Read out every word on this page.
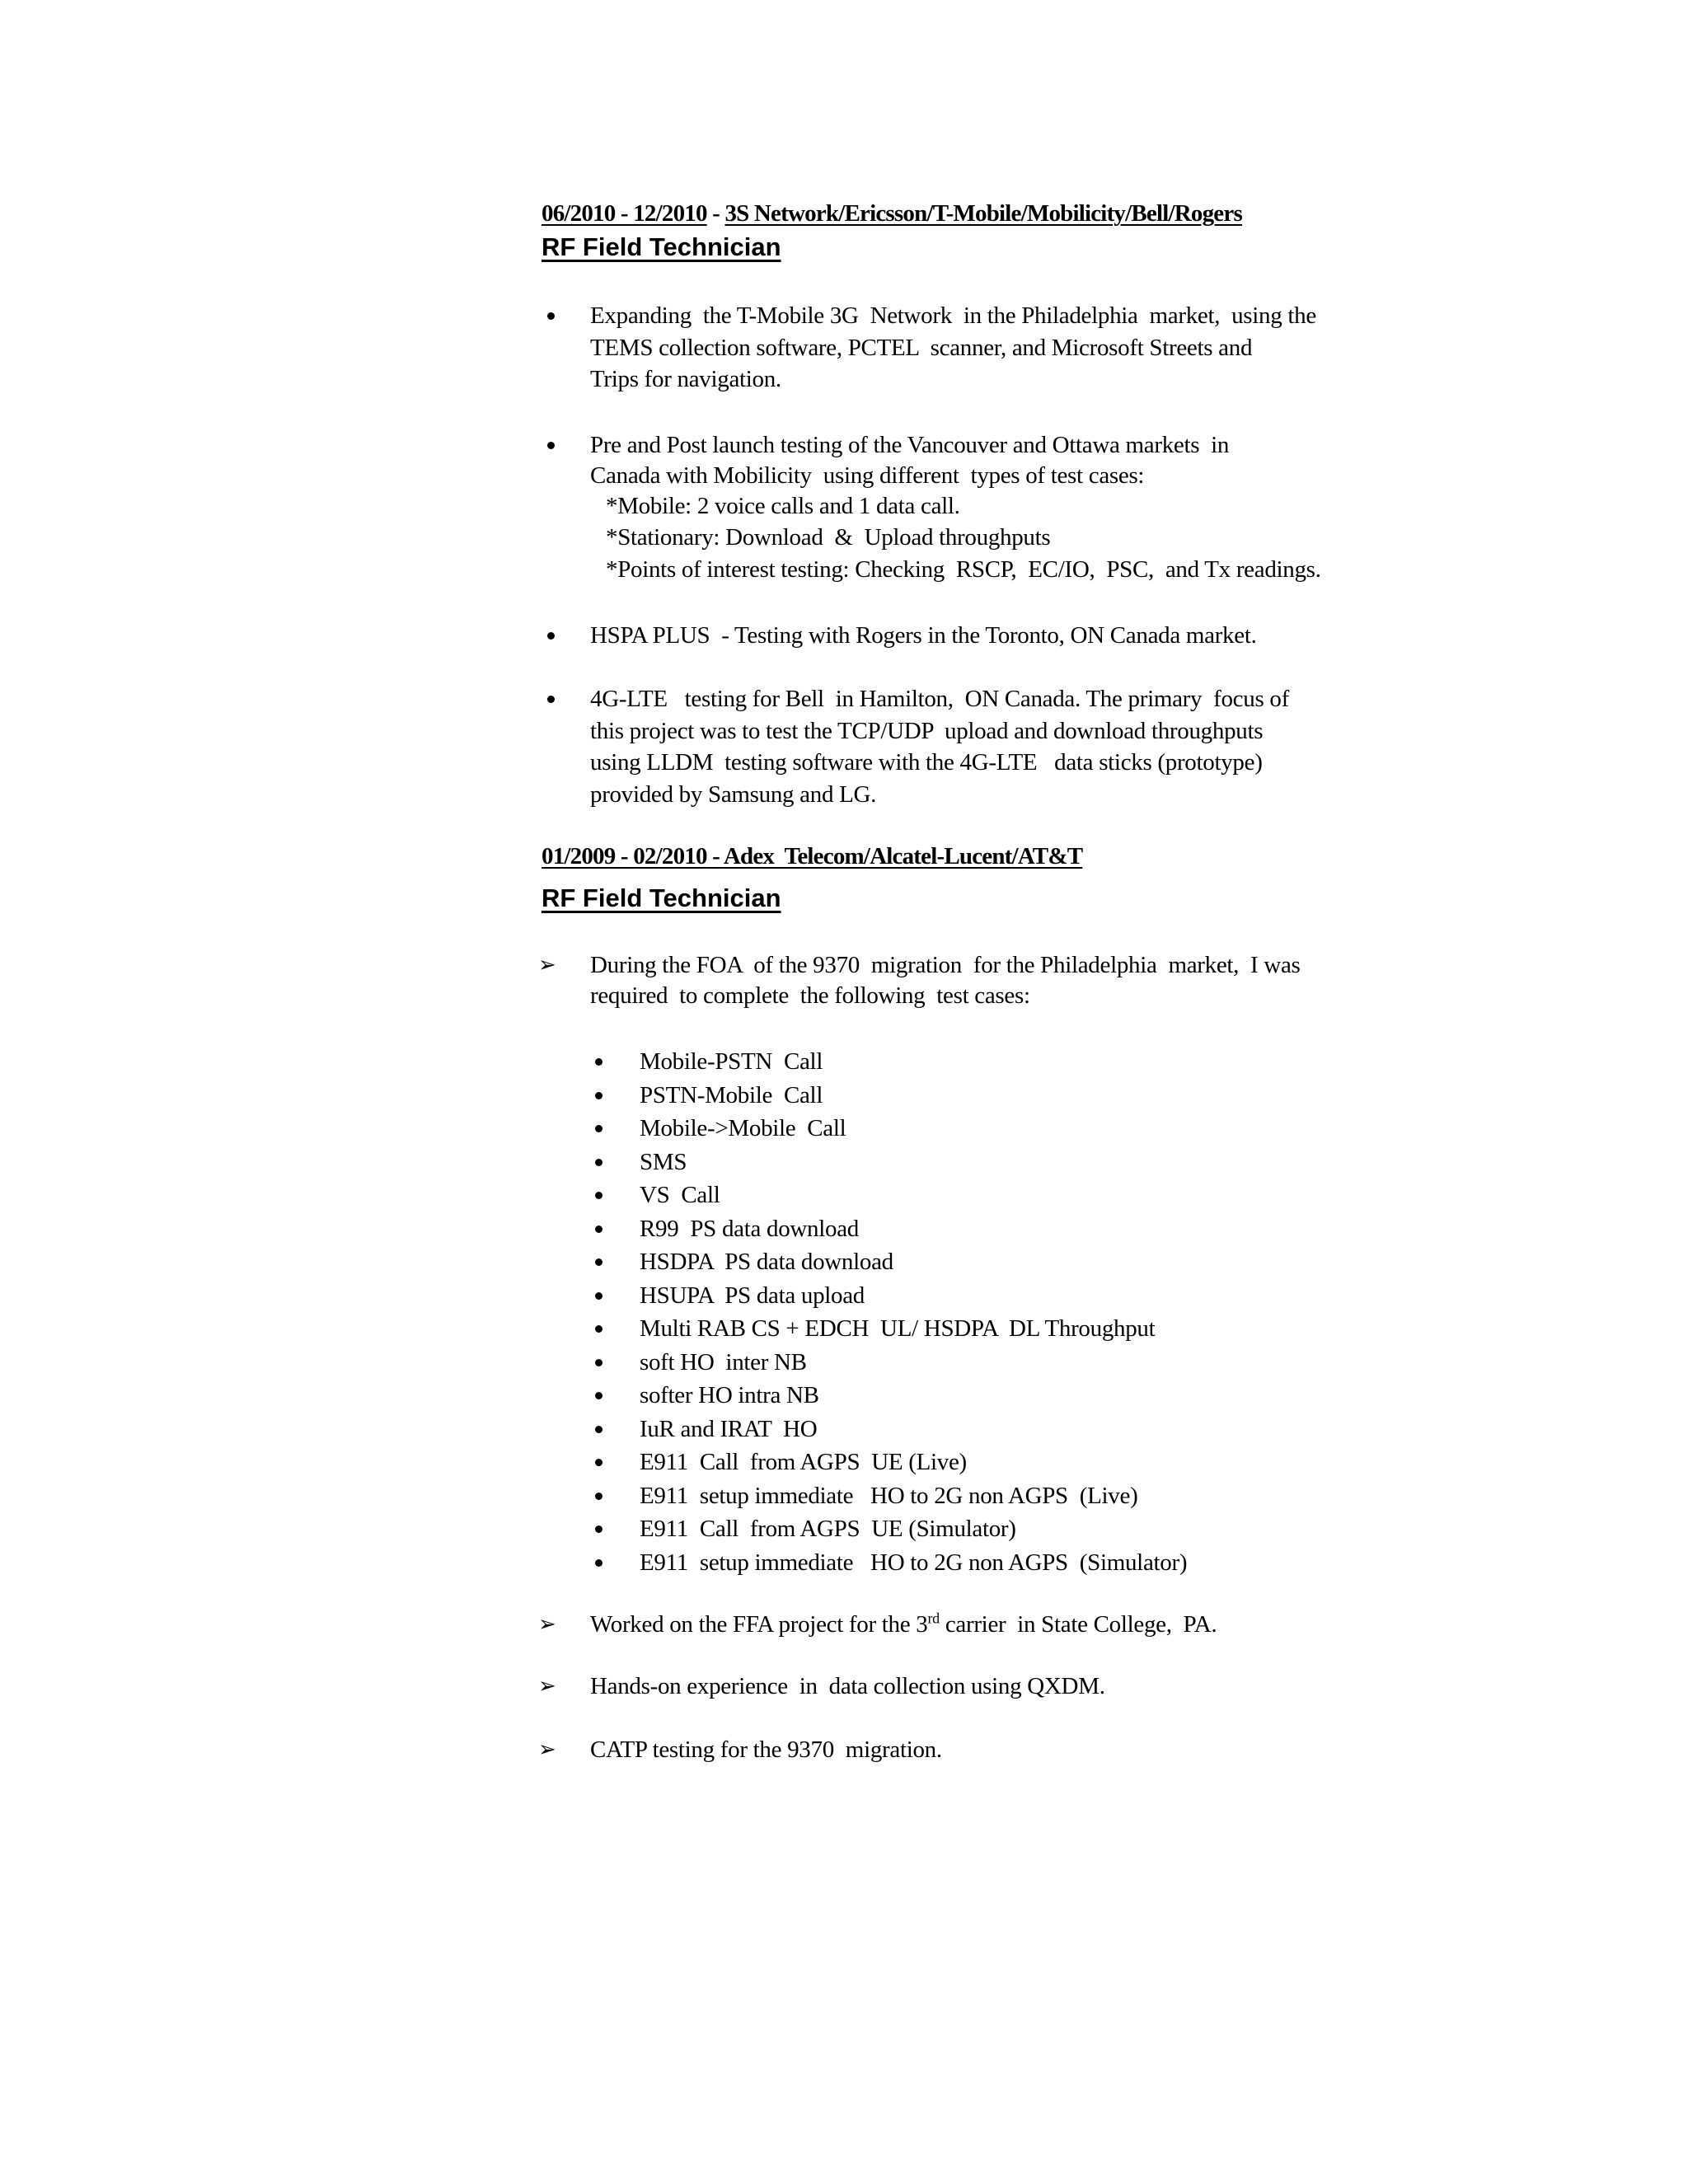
06/2010 - 12/2010 - 3S Network/Ericsson/T-Mobile/Mobilicity/Bell/Rogers
RF Field Technician
Expanding  the T-Mobile 3G  Network  in the Philadelphia  market,  using the
TEMS collection software, PCTEL  scanner, and Microsoft Streets and
Trips for navigation.
Pre and Post launch testing of the Vancouver and Ottawa markets  in
Canada with Mobilicity  using different  types of test cases:
*Mobile: 2 voice calls and 1 data call.
*Stationary: Download  &  Upload throughputs
*Points of interest testing: Checking  RSCP,  EC/IO,  PSC,  and Tx readings.
HSPA PLUS  - Testing with Rogers in the Toronto, ON Canada market.
4G-LTE   testing for Bell  in Hamilton,  ON Canada. The primary  focus of
this project was to test the TCP/UDP  upload and download throughputs
using LLDM  testing software with the 4G-LTE   data sticks (prototype)
provided by Samsung and LG.
01/2009 - 02/2010 - Adex  Telecom/Alcatel-Lucent/AT&T
RF Field Technician
➢ During the FOA  of the 9370  migration  for the Philadelphia  market,  I was
required  to complete  the following  test cases:
Mobile-PSTN  Call
PSTN-Mobile  Call
Mobile->Mobile  Call
SMS
VS  Call
R99  PS data download
HSDPA  PS data download
HSUPA  PS data upload
Multi RAB CS + EDCH  UL/ HSDPA  DL Throughput
soft HO  inter NB
softer HO intra NB
IuR and IRAT  HO
E911  Call  from AGPS  UE (Live)
E911  setup immediate   HO to 2G non AGPS  (Live)
E911  Call  from AGPS  UE (Simulator)
E911  setup immediate   HO to 2G non AGPS  (Simulator)
➢ Worked on the FFA project for the 3rd carrier  in State College,  PA.
➢ Hands-on experience  in  data collection using QXDM.
➢ CATP testing for the 9370  migration.
